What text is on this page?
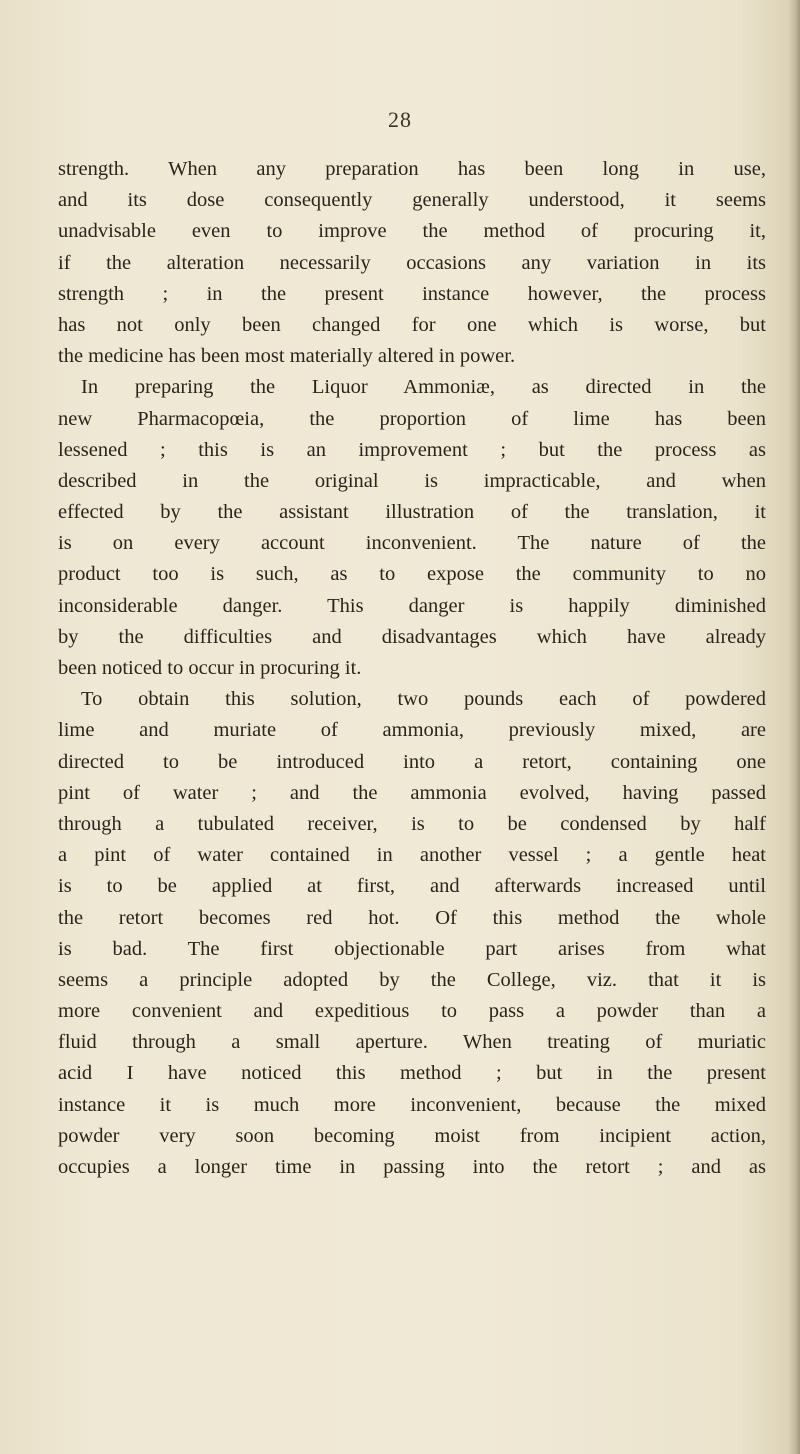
28
strength. When any preparation has been long in use,
and its dose consequently generally understood, it seems
unadvisable even to improve the method of procuring it,
if the alteration necessarily occasions any variation in its
strength ; in the present instance however, the process
has not only been changed for one which is worse, but
the medicine has been most materially altered in power.
In preparing the Liquor Ammoniæ, as directed in the
new Pharmacopœia, the proportion of lime has been
lessened ; this is an improvement ; but the process as
described in the original is impracticable, and when
effected by the assistant illustration of the translation, it
is on every account inconvenient. The nature of the
product too is such, as to expose the community to no
inconsiderable danger. This danger is happily diminished
by the difficulties and disadvantages which have already
been noticed to occur in procuring it.
To obtain this solution, two pounds each of powdered
lime and muriate of ammonia, previously mixed, are
directed to be introduced into a retort, containing one
pint of water ; and the ammonia evolved, having passed
through a tubulated receiver, is to be condensed by half
a pint of water contained in another vessel ; a gentle heat
is to be applied at first, and afterwards increased until
the retort becomes red hot. Of this method the whole
is bad. The first objectionable part arises from what
seems a principle adopted by the College, viz. that it is
more convenient and expeditious to pass a powder than a
fluid through a small aperture. When treating of muriatic
acid I have noticed this method ; but in the present
instance it is much more inconvenient, because the mixed
powder very soon becoming moist from incipient action,
occupies a longer time in passing into the retort ; and as
